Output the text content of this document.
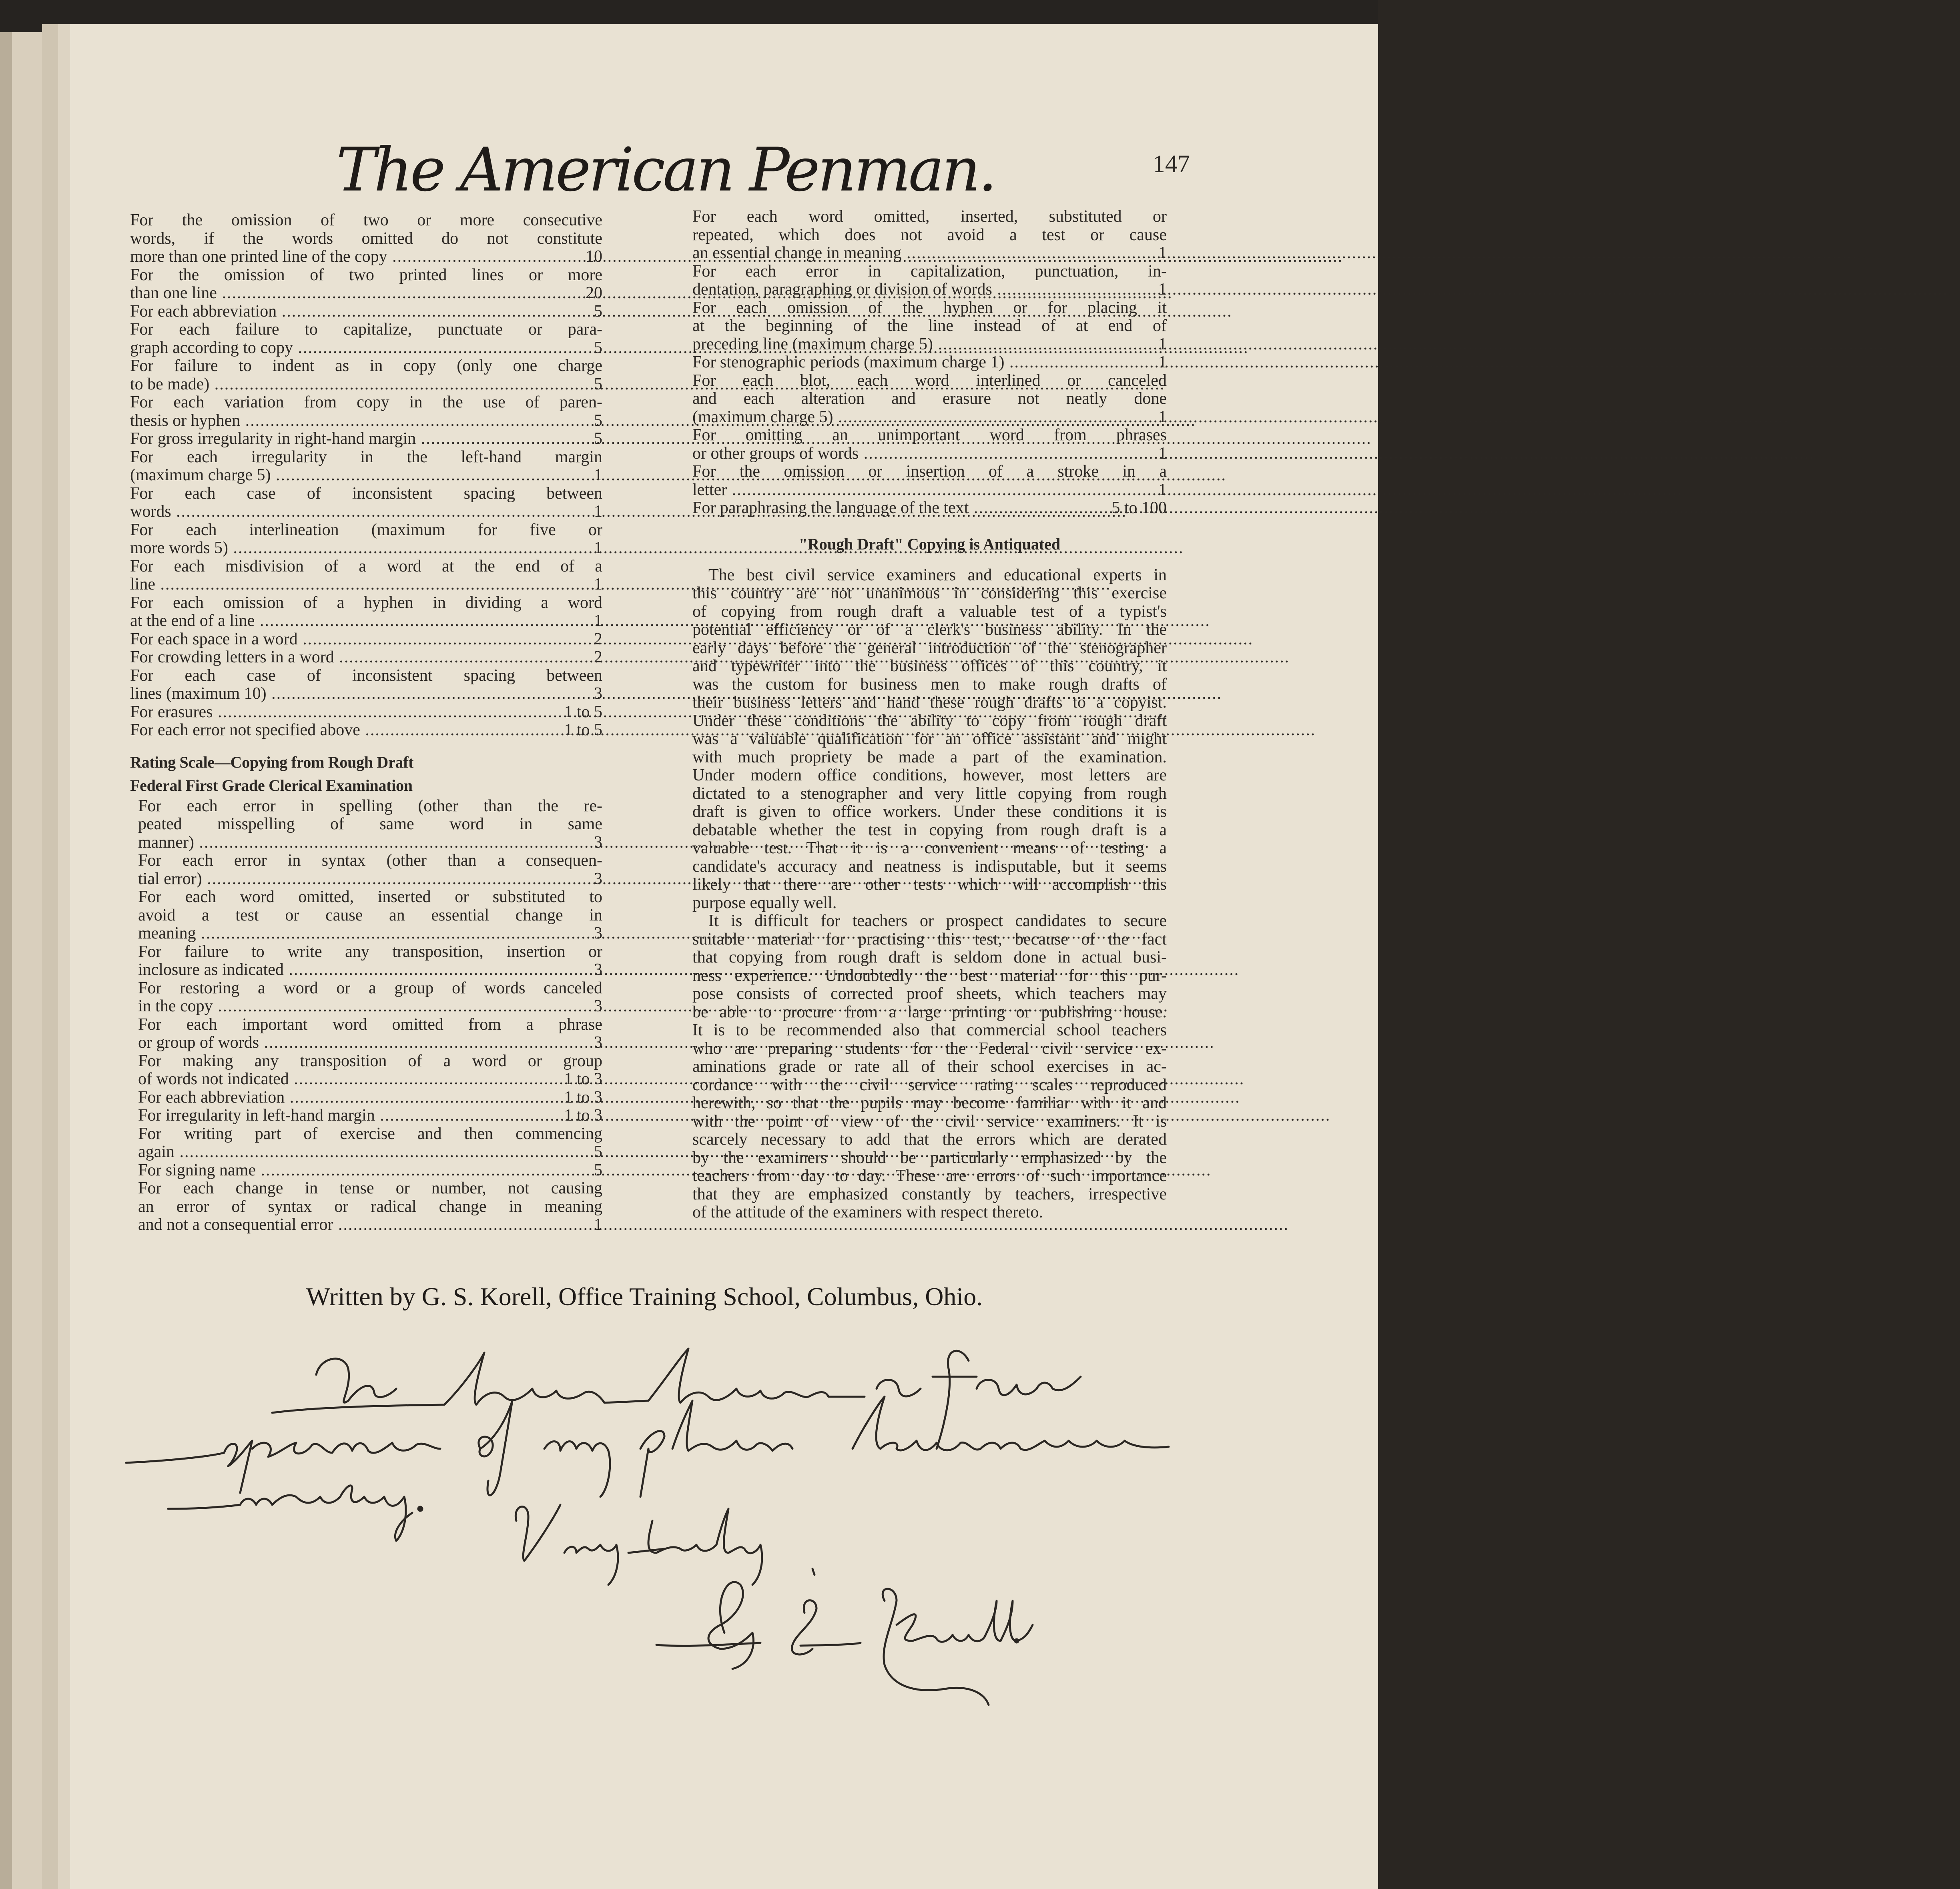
The American Penman.	147
For the omission of two or more consecutive
words, if the words omitted do not constitute
more than one printed line of the copy .....	10
For the omission of two printed lines or more
than one line .....	20
For each abbreviation .....	5
For each failure to capitalize, punctuate or para-
graph according to copy .....	5
For failure to indent as in copy (only one charge
to be made) .....	5
For each variation from copy in the use of paren-
thesis or hyphen .....	5
For gross irregularity in right-hand margin .....	5
For each irregularity in the left-hand margin
(maximum charge 5) .....	1
For each case of inconsistent spacing between
words .....	1
For each interlineation (maximum for five or
more words 5) .....	1
For each misdivision of a word at the end of a
line .....	1
For each omission of a hyphen in dividing a word
at the end of a line .....	1
For each space in a word .....	2
For crowding letters in a word .....	2
For each case of inconsistent spacing between
lines (maximum 10) .....	3
For erasures .....	1 to 5
For each error not specified above .....	1 to 5
Rating Scale—Copying from Rough Draft
Federal First Grade Clerical Examination
For each error in spelling (other than the re-
peated misspelling of same word in same
manner) .....	3
For each error in syntax (other than a consequen-
tial error) .....	3
For each word omitted, inserted or substituted to
avoid a test or cause an essential change in
meaning .....	3
For failure to write any transposition, insertion or
inclosure as indicated .....	3
For restoring a word or a group of words canceled
in the copy .....	3
For each important word omitted from a phrase
or group of words .....	3
For making any transposition of a word or group
of words not indicated .....	1 to 3
For each abbreviation .....	1 to 3
For irregularity in left-hand margin .....	1 to 3
For writing part of exercise and then commencing
again .....	5
For signing name .....	5
For each change in tense or number, not causing
an error of syntax or radical change in meaning
and not a consequential error .....	1
For each word omitted, inserted, substituted or
repeated, which does not avoid a test or cause
an essential change in meaning .....	1
For each error in capitalization, punctuation, in-
dentation, paragraphing or division of words .....	1
For each omission of the hyphen or for placing it
at the beginning of the line instead of at end of
preceding line (maximum charge 5) .....	1
For stenographic periods (maximum charge 1) .....	1
For each blot, each word interlined or canceled
and each alteration and erasure not neatly done
(maximum charge 5) .....	1
For omitting an unimportant word from phrases
or other groups of words .....	1
For the omission or insertion of a stroke in a
letter .....	1
For paraphrasing the language of the text .....	5 to 100
"Rough Draft" Copying is Antiquated
The best civil service examiners and educational experts in
this country are not unanimous in considering this exercise
of copying from rough draft a valuable test of a typist's
potential efficiency or of a clerk's business ability. In the
early days before the general introduction of the stenographer
and typewriter into the business offices of this country, it
was the custom for business men to make rough drafts of
their business letters and hand these rough drafts to a copyist.
Under these conditions the ability to copy from rough draft
was a valuable qualification for an office assistant and might
with much propriety be made a part of the examination.
Under modern office conditions, however, most letters are
dictated to a stenographer and very little copying from rough
draft is given to office workers. Under these conditions it is
debatable whether the test in copying from rough draft is a
valuable test. That it is a convenient means of testing a
candidate's accuracy and neatness is indisputable, but it seems
likely that there are other tests which will accomplish this
purpose equally well.
It is difficult for teachers or prospect candidates to secure
suitable material for practising this test, because of the fact
that copying from rough draft is seldom done in actual busi-
ness experience. Undoubtedly the best material for this pur-
pose consists of corrected proof sheets, which teachers may
be able to procure from a large printing or publishing house.
It is to be recommended also that commercial school teachers
who are preparing students for the Federal civil service ex-
aminations grade or rate all of their school exercises in ac-
cordance with the civil service rating scales reproduced
herewith, so that the pupils may become familiar with it and
with the point of view of the civil service examiners. It is
scarcely necessary to add that the errors which are derated
by the examiners should be particularly emphasized by the
teachers from day to day. These are errors of such importance
that they are emphasized constantly by teachers, irrespective
of the attitude of the examiners with respect thereto.
Written by G. S. Korell, Office Training School, Columbus, Ohio.
